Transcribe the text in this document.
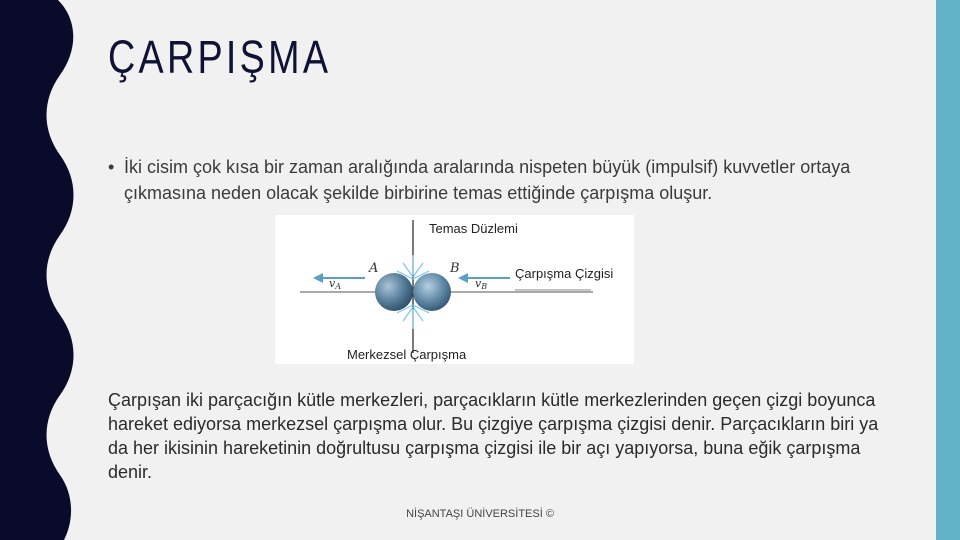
ÇARPIŞMA
• İki cisim çok kısa bir zaman aralığında aralarında nispeten büyük (impulsif) kuvvetler ortaya çıkmasına neden olacak şekilde birbirine temas ettiğinde çarpışma oluşur.
A	B
vA	vB
Temas Düzlemi
Çarpışma Çizgisi
Merkezsel Çarpışma

Çarpışan iki parçacığın kütle merkezleri, parçacıkların kütle merkezlerinden geçen çizgi boyunca hareket ediyorsa merkezsel çarpışma olur. Bu çizgiye çarpışma çizgisi denir. Parçacıkların biri ya da her ikisinin hareketinin doğrultusu çarpışma çizgisi ile bir açı yapıyorsa, buna eğik çarpışma denir.

NİŞANTAŞI ÜNİVERSİTESİ ©
